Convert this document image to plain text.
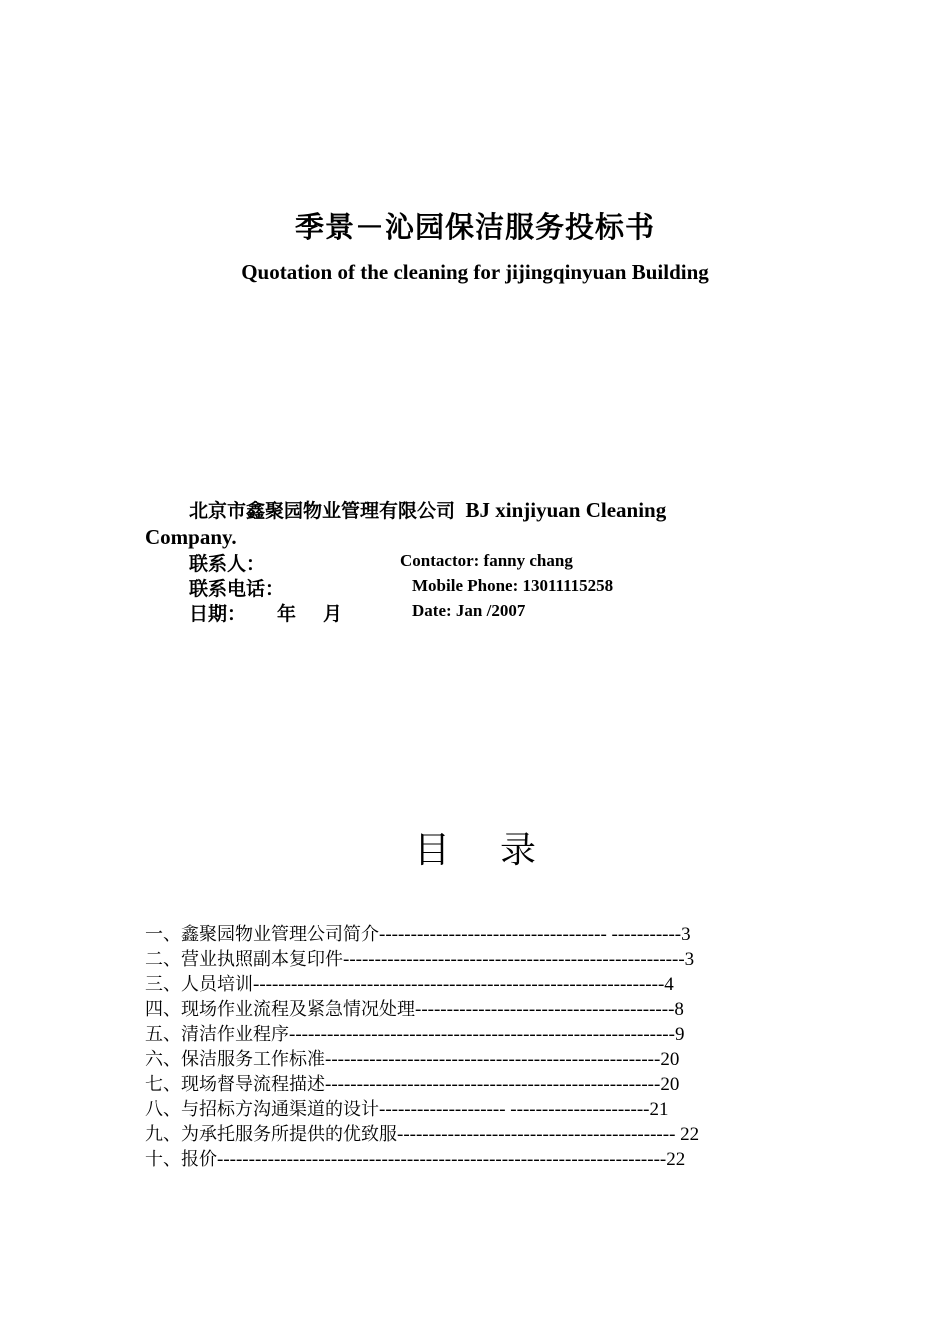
季景－沁园保洁服务投标书
Quotation of the cleaning for jijingqinyuan Building
北京市鑫聚园物业管理有限公司 BJ xinjiyuan Cleaning
Company.
联系人：	Contactor: fanny chang
联系电话：	Mobile Phone: 13011115258
日期： 年 月	Date: Jan /2007
目 录
一、鑫聚园物业管理公司简介------------------------------------ -----------3
二、营业执照副本复印件------------------------------------------------------3
三、人员培训-----------------------------------------------------------------4
四、现场作业流程及紧急情况处理-----------------------------------------8
五、清洁作业程序-------------------------------------------------------------9
六、保洁服务工作标准-----------------------------------------------------20
七、现场督导流程描述-----------------------------------------------------20
八、与招标方沟通渠道的设计-------------------- ----------------------21
九、为承托服务所提供的优致服-------------------------------------------- 22
十、报价-----------------------------------------------------------------------22
